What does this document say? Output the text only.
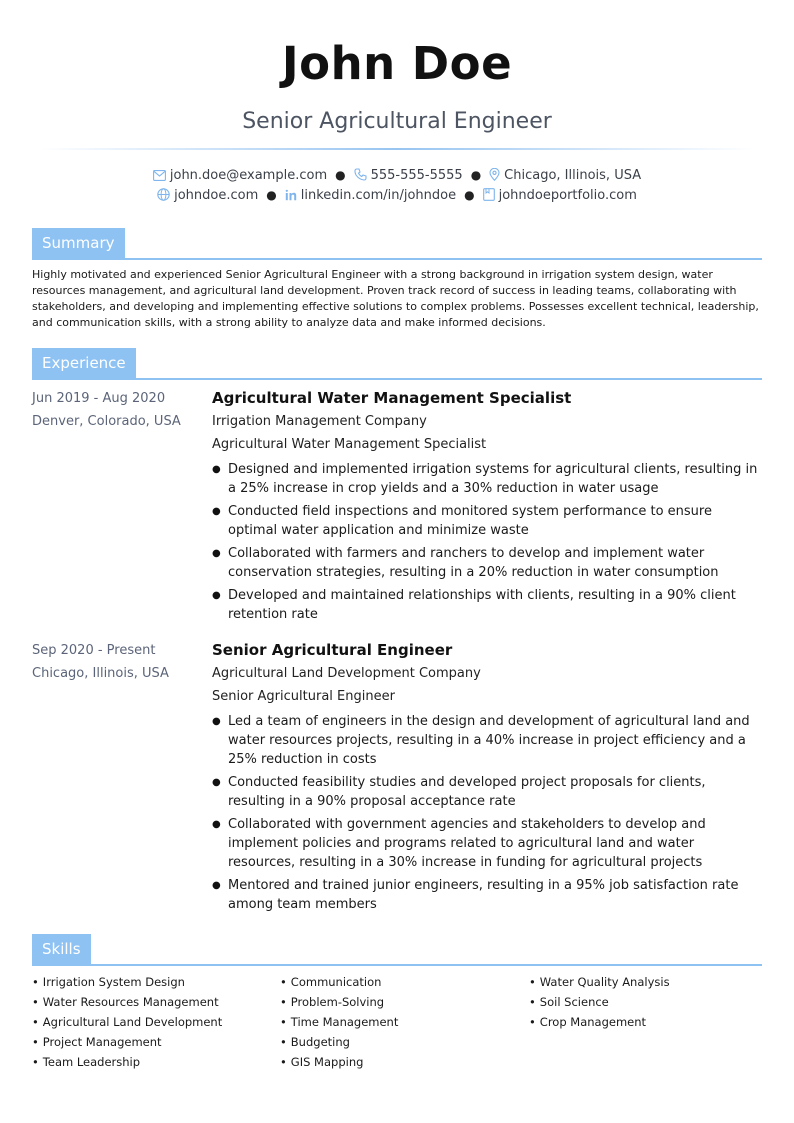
John Doe
Senior Agricultural Engineer
john.doe@example.com ● 555-555-5555 ● Chicago, Illinois, USA
johndoe.com ● linkedin.com/in/johndoe ● johndoeportfolio.com
Summary
Highly motivated and experienced Senior Agricultural Engineer with a strong background in irrigation system design, water resources management, and agricultural land development. Proven track record of success in leading teams, collaborating with stakeholders, and developing and implementing effective solutions to complex problems. Possesses excellent technical, leadership, and communication skills, with a strong ability to analyze data and make informed decisions.
Experience
Jun 2019 - Aug 2020
Denver, Colorado, USA
Agricultural Water Management Specialist
Irrigation Management Company
Agricultural Water Management Specialist
● Designed and implemented irrigation systems for agricultural clients, resulting in a 25% increase in crop yields and a 30% reduction in water usage
● Conducted field inspections and monitored system performance to ensure optimal water application and minimize waste
● Collaborated with farmers and ranchers to develop and implement water conservation strategies, resulting in a 20% reduction in water consumption
● Developed and maintained relationships with clients, resulting in a 90% client retention rate
Sep 2020 - Present
Chicago, Illinois, USA
Senior Agricultural Engineer
Agricultural Land Development Company
Senior Agricultural Engineer
● Led a team of engineers in the design and development of agricultural land and water resources projects, resulting in a 40% increase in project efficiency and a 25% reduction in costs
● Conducted feasibility studies and developed project proposals for clients, resulting in a 90% proposal acceptance rate
● Collaborated with government agencies and stakeholders to develop and implement policies and programs related to agricultural land and water resources, resulting in a 30% increase in funding for agricultural projects
● Mentored and trained junior engineers, resulting in a 95% job satisfaction rate among team members
Skills
• Irrigation System Design
• Water Resources Management
• Agricultural Land Development
• Project Management
• Team Leadership
• Communication
• Problem-Solving
• Time Management
• Budgeting
• GIS Mapping
• Water Quality Analysis
• Soil Science
• Crop Management
